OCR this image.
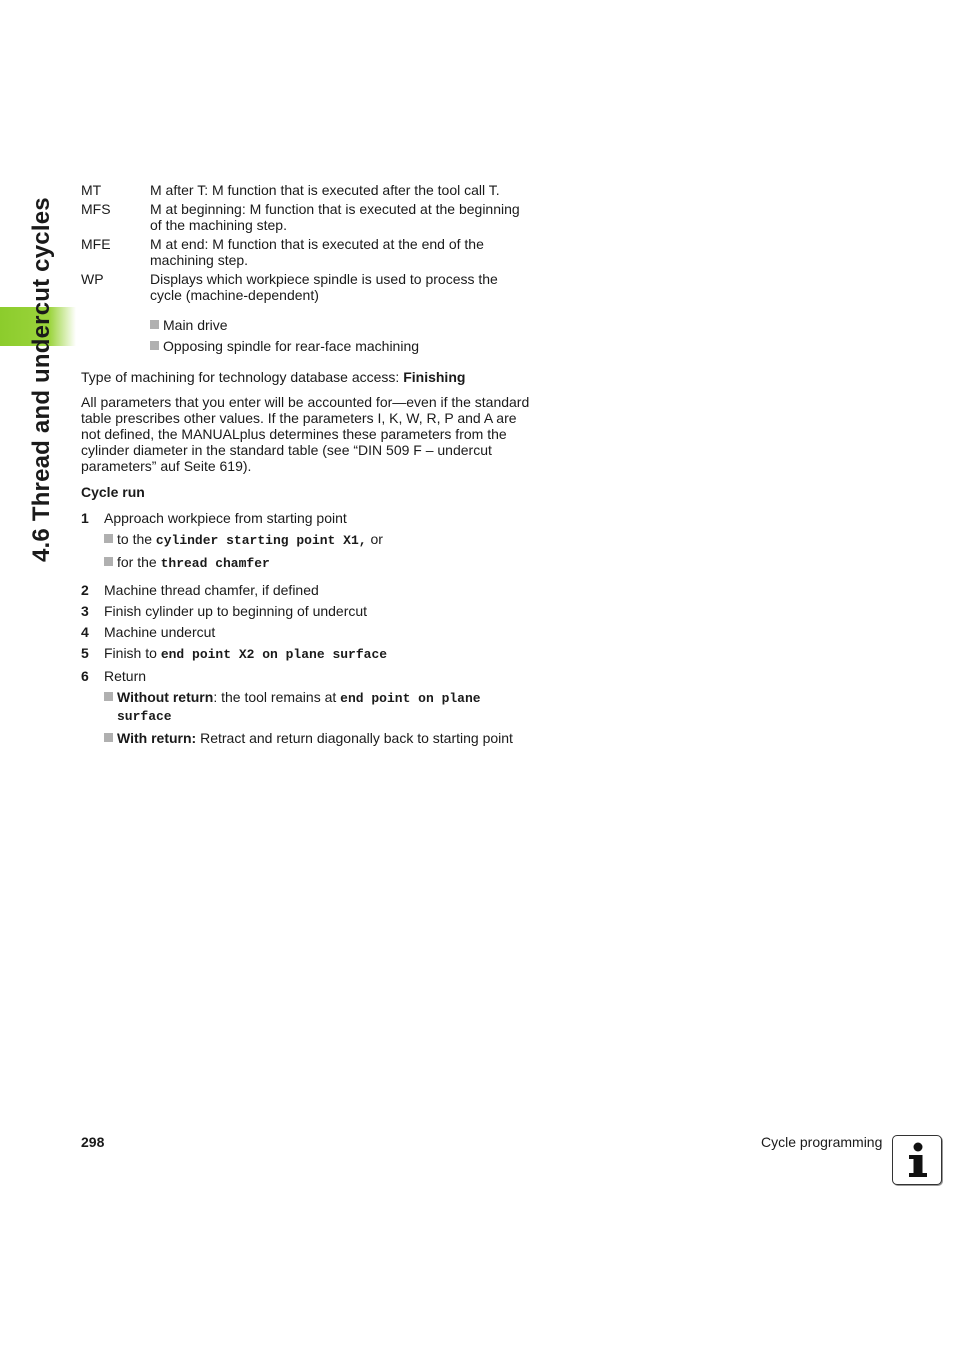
4.6 Thread and undercut cycles
MT	M after T: M function that is executed after the tool call T.
MFS	M at beginning: M function that is executed at the beginning of the machining step.
MFE	M at end: M function that is executed at the end of the machining step.
WP	Displays which workpiece spindle is used to process the cycle (machine-dependent)
Main drive
Opposing spindle for rear-face machining

Type of machining for technology database access: Finishing

All parameters that you enter will be accounted for—even if the standard table prescribes other values. If the parameters I, K, W, R, P and A are not defined, the MANUALplus determines these parameters from the cylinder diameter in the standard table (see “DIN 509 F – undercut parameters” auf Seite 619).

Cycle run

1	Approach workpiece from starting point
to the cylinder starting point X1, or
for the thread chamfer
2	Machine thread chamfer, if defined
3	Finish cylinder up to beginning of undercut
4	Machine undercut
5	Finish to end point X2 on plane surface
6	Return
Without return: the tool remains at end point on plane surface
With return: Retract and return diagonally back to starting point
298	Cycle programming
